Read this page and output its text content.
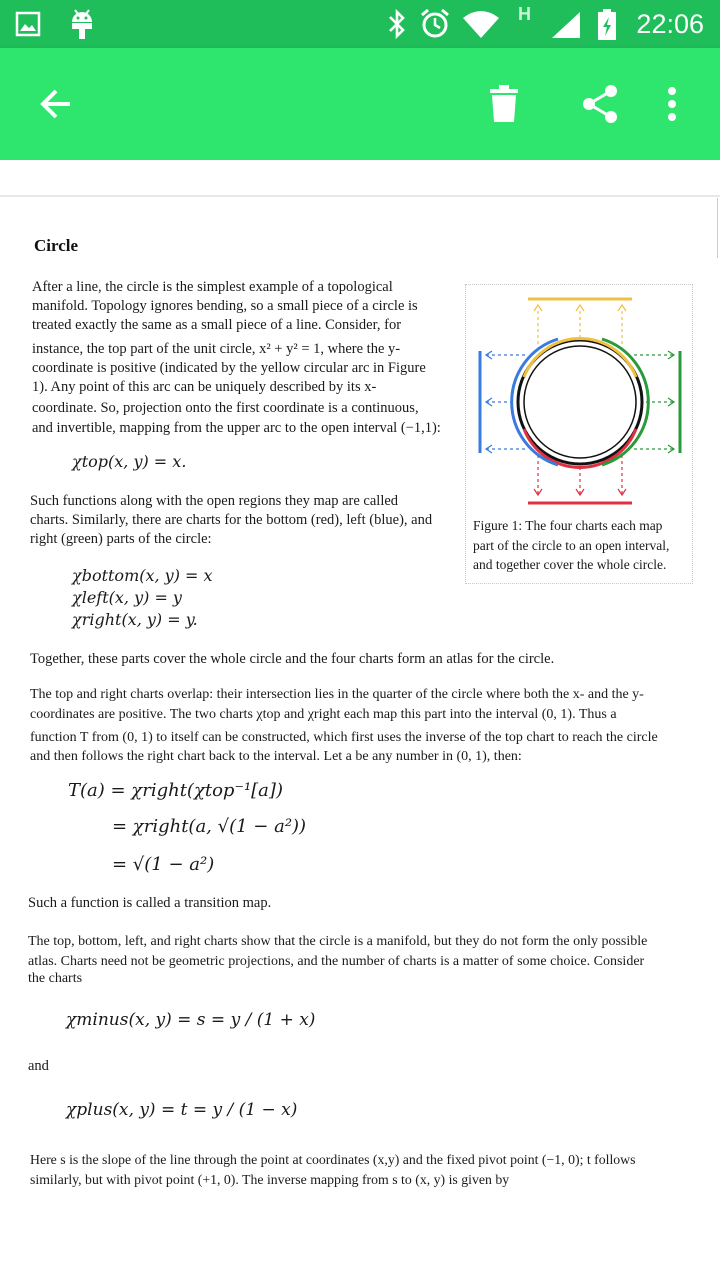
H	22:06
Circle
After a line, the circle is the simplest example of a topological
manifold. Topology ignores bending, so a small piece of a circle is
treated exactly the same as a small piece of a line. Consider, for
instance, the top part of the unit circle, x² + y² = 1, where the y-
coordinate is positive (indicated by the yellow circular arc in Figure
1). Any point of this arc can be uniquely described by its x-
coordinate. So, projection onto the first coordinate is a continuous,
and invertible, mapping from the upper arc to the open interval (−1,1):
χtop(x, y) = x.
Such functions along with the open regions they map are called
charts. Similarly, there are charts for the bottom (red), left (blue), and
right (green) parts of the circle:
χbottom(x, y) = x
χleft(x, y) = y
χright(x, y) = y.
Figure 1: The four charts each map
part of the circle to an open interval,
and together cover the whole circle.
Together, these parts cover the whole circle and the four charts form an atlas for the circle.
The top and right charts overlap: their intersection lies in the quarter of the circle where both the x- and the y-
coordinates are positive. The two charts χtop and χright each map this part into the interval (0, 1). Thus a
function T from (0, 1) to itself can be constructed, which first uses the inverse of the top chart to reach the circle
and then follows the right chart back to the interval. Let a be any number in (0, 1), then:
T(a) = χright(χtop⁻¹[a])
= χright(a, √(1 − a²))
= √(1 − a²)
Such a function is called a transition map.
The top, bottom, left, and right charts show that the circle is a manifold, but they do not form the only possible
atlas. Charts need not be geometric projections, and the number of charts is a matter of some choice. Consider
the charts
χminus(x, y) = s = y / (1 + x)
and
χplus(x, y) = t = y / (1 − x)
Here s is the slope of the line through the point at coordinates (x,y) and the fixed pivot point (−1, 0); t follows
similarly, but with pivot point (+1, 0). The inverse mapping from s to (x, y) is given by
